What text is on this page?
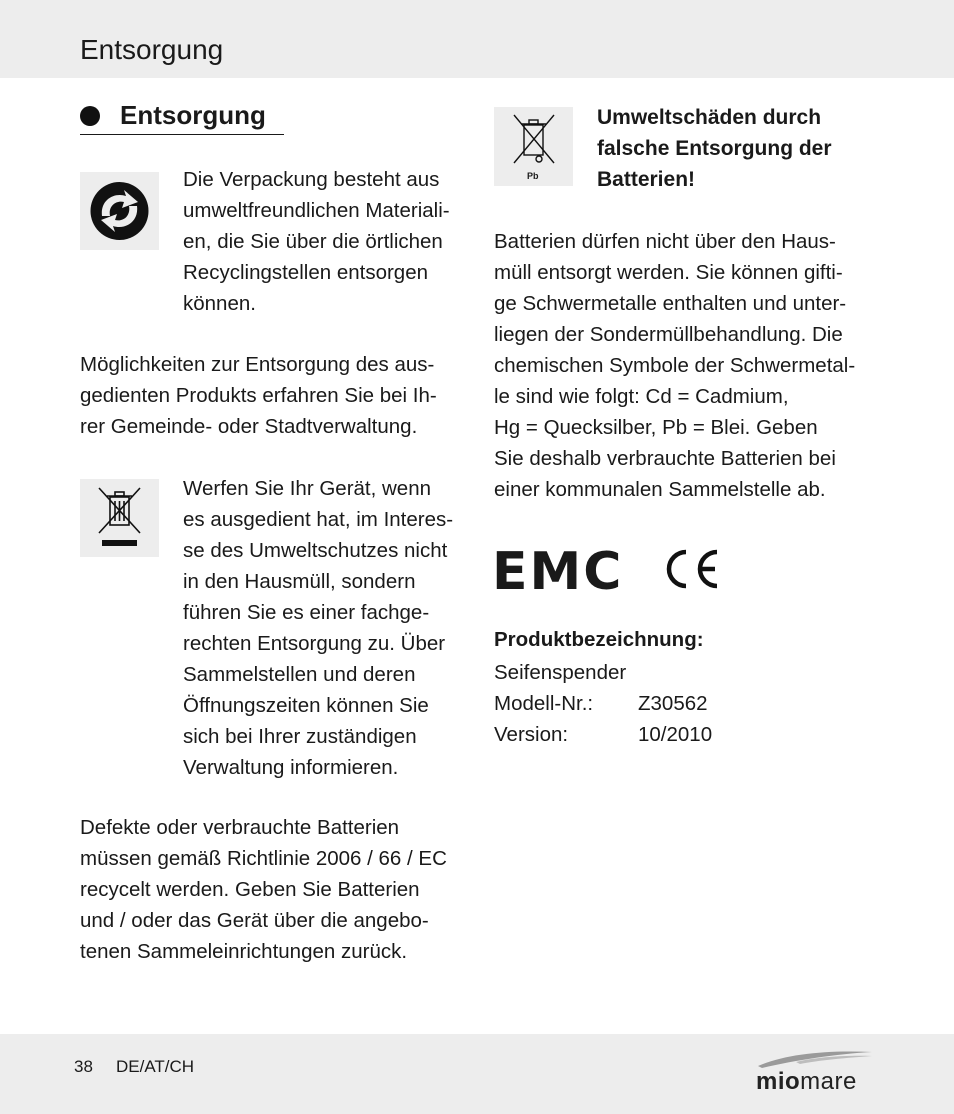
Entsorgung
Entsorgung
Die Verpackung besteht aus
umweltfreundlichen Materiali-
en, die Sie über die örtlichen
Recyclingstellen entsorgen
können.
Möglichkeiten zur Entsorgung des aus-
gedienten Produkts erfahren Sie bei Ih-
rer Gemeinde- oder Stadtverwaltung.
Werfen Sie Ihr Gerät, wenn
es ausgedient hat, im Interes-
se des Umweltschutzes nicht
in den Hausmüll, sondern
führen Sie es einer fachge-
rechten Entsorgung zu. Über
Sammelstellen und deren
Öffnungszeiten können Sie
sich bei Ihrer zuständigen
Verwaltung informieren.
Defekte oder verbrauchte Batterien
müssen gemäß Richtlinie 2006 / 66 / EC
recycelt werden. Geben Sie Batterien
und / oder das Gerät über die angebo-
tenen Sammeleinrichtungen zurück.
Pb
Umweltschäden durch
falsche Entsorgung der
Batterien!
Batterien dürfen nicht über den Haus-
müll entsorgt werden. Sie können gifti-
ge Schwermetalle enthalten und unter-
liegen der Sondermüllbehandlung. Die
chemischen Symbole der Schwermetal-
le sind wie folgt: Cd = Cadmium,
Hg = Quecksilber, Pb = Blei. Geben
Sie deshalb verbrauchte Batterien bei
einer kommunalen Sammelstelle ab.
EMC
Produktbezeichnung:
Seifenspender
Modell-Nr.: Z30562
Version:	10/2010
38 DE/AT/CH
miomare
